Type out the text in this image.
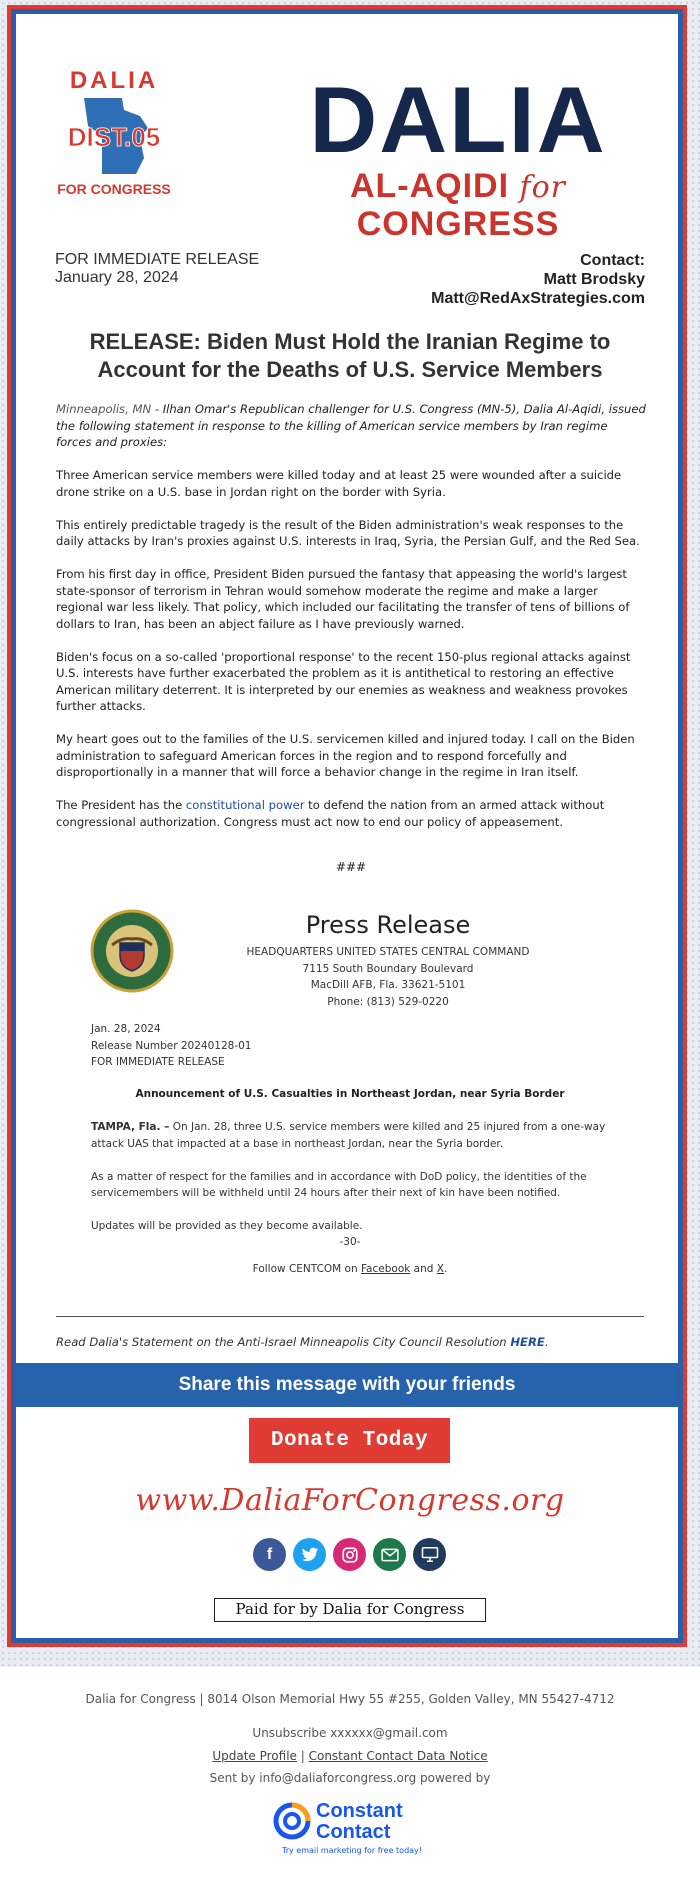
DALIA
DIST.05
FOR CONGRESS
DALIA
AL-AQIDI for CONGRESS
FOR IMMEDIATE RELEASE
January 28, 2024
Contact:
Matt Brodsky
Matt@RedAxStrategies.com
RELEASE: Biden Must Hold the Iranian Regime to Account for the Deaths of U.S. Service Members

Minneapolis, MN - Ilhan Omar's Republican challenger for U.S. Congress (MN-5), Dalia Al-Aqidi, issued the following statement in response to the killing of American service members by Iran regime forces and proxies:

Three American service members were killed today and at least 25 were wounded after a suicide drone strike on a U.S. base in Jordan right on the border with Syria.

This entirely predictable tragedy is the result of the Biden administration's weak responses to the daily attacks by Iran's proxies against U.S. interests in Iraq, Syria, the Persian Gulf, and the Red Sea.

From his first day in office, President Biden pursued the fantasy that appeasing the world's largest state-sponsor of terrorism in Tehran would somehow moderate the regime and make a larger regional war less likely. That policy, which included our facilitating the transfer of tens of billions of dollars to Iran, has been an abject failure as I have previously warned.

Biden's focus on a so-called 'proportional response' to the recent 150-plus regional attacks against U.S. interests have further exacerbated the problem as it is antithetical to restoring an effective American military deterrent. It is interpreted by our enemies as weakness and weakness provokes further attacks.

My heart goes out to the families of the U.S. servicemen killed and injured today. I call on the Biden administration to safeguard American forces in the region and to respond forcefully and disproportionally in a manner that will force a behavior change in the regime in Iran itself.

The President has the constitutional power to defend the nation from an armed attack without congressional authorization. Congress must act now to end our policy of appeasement.

###
Press Release
HEADQUARTERS UNITED STATES CENTRAL COMMAND
7115 South Boundary Boulevard
MacDill AFB, Fla. 33621-5101
Phone: (813) 529-0220
Jan. 28, 2024
Release Number 20240128-01
FOR IMMEDIATE RELEASE
Announcement of U.S. Casualties in Northeast Jordan, near Syria Border

TAMPA, Fla. – On Jan. 28, three U.S. service members were killed and 25 injured from a one-way attack UAS that impacted at a base in northeast Jordan, near the Syria border.

As a matter of respect for the families and in accordance with DoD policy, the identities of the servicemembers will be withheld until 24 hours after their next of kin have been notified.

Updates will be provided as they become available.

-30-
Follow CENTCOM on Facebook and X.
Read Dalia's Statement on the Anti-Israel Minneapolis City Council Resolution HERE.
Share this message with your friends
Donate Today
www.DaliaForCongress.org
f
Paid for by Dalia for Congress
Dalia for Congress | 8014 Olson Memorial Hwy 55 #255, Golden Valley, MN 55427-4712
Unsubscribe xxxxxx@gmail.com
Update Profile | Constant Contact Data Notice
Sent by info@daliaforcongress.org powered by
Constant
Contact
Try email marketing for free today!
